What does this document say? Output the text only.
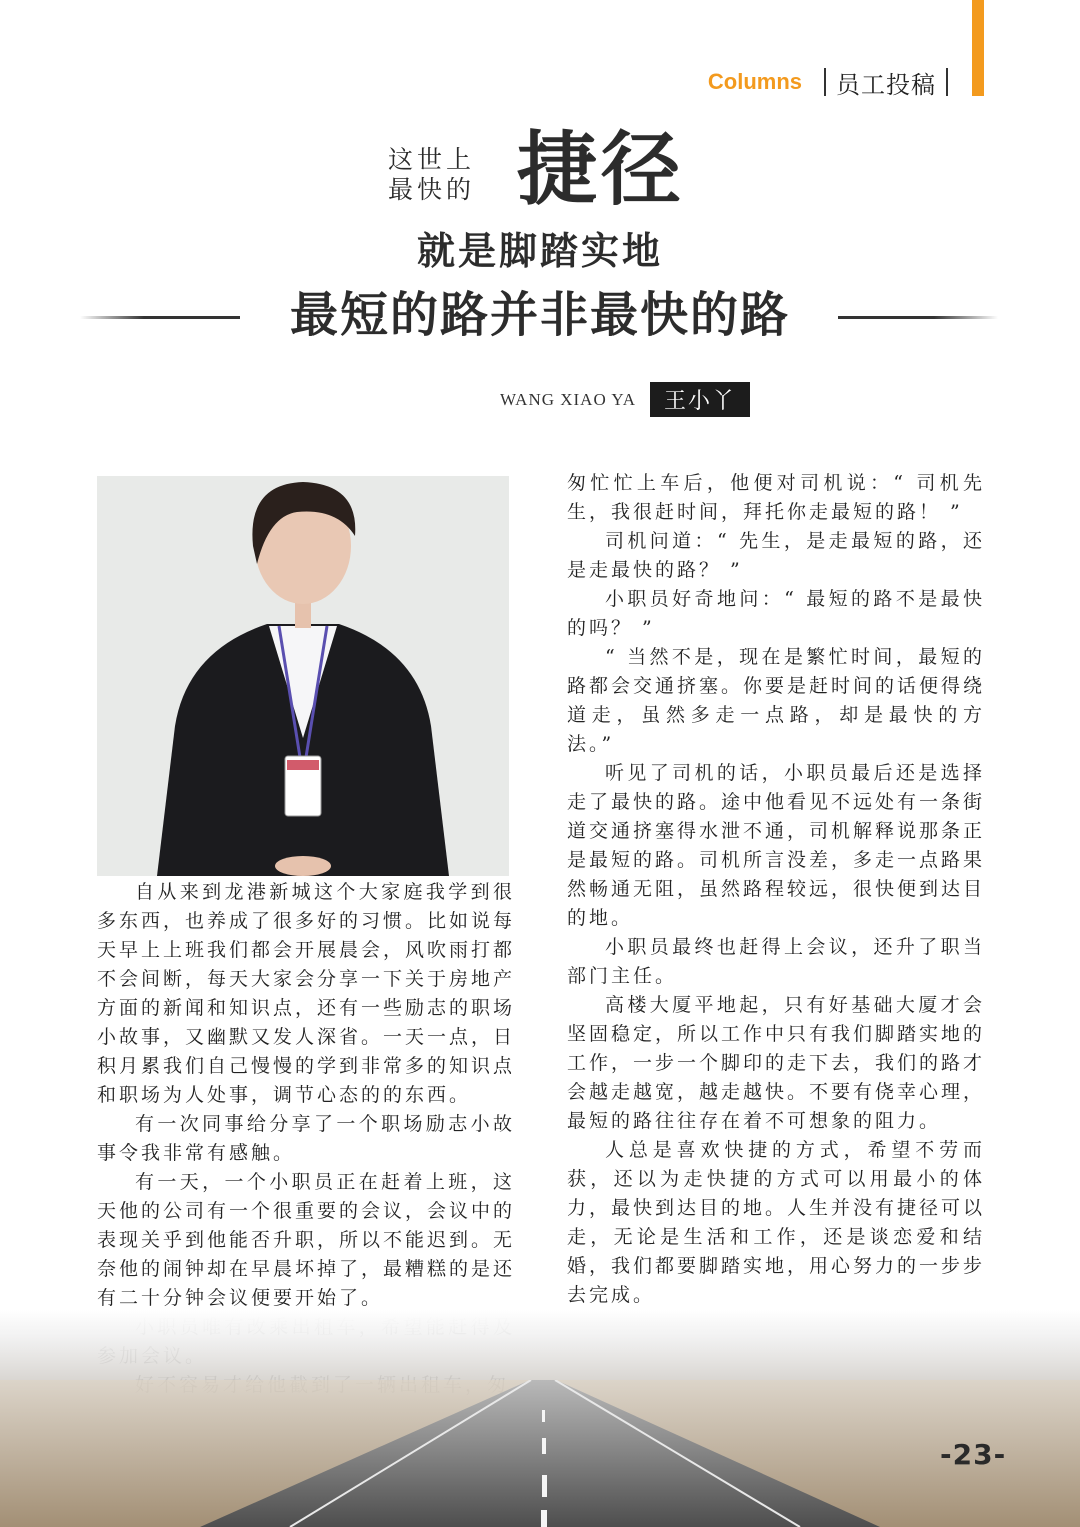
Columns 员工投稿
这世上
最快的 捷径
就是脚踏实地
最短的路并非最快的路
WANG XIAO YA	王小丫

自从来到龙港新城这个大家庭我学到很多东西，也养成了很多好的习惯。比如说每天早上上班我们都会开展晨会，风吹雨打都不会间断，每天大家会分享一下关于房地产方面的新闻和知识点，还有一些励志的职场小故事，又幽默又发人深省。一天一点，日积月累我们自己慢慢的学到非常多的知识点和职场为人处事，调节心态的的东西。

有一次同事给分享了一个职场励志小故事令我非常有感触。

有一天，一个小职员正在赶着上班，这天他的公司有一个很重要的会议，会议中的表现关乎到他能否升职，所以不能迟到。无奈他的闹钟却在早晨坏掉了，最糟糕的是还有二十分钟会议便要开始了。

匆忙忙上车后，他便对司机说：“ 司机先生，我很赶时间，拜托你走最短的路！ ”

司机问道：“ 先生，是走最短的路，还是走最快的路？ ”

小职员好奇地问：“ 最短的路不是最快的吗？ ”

“ 当然不是，现在是繁忙时间，最短的路都会交通挤塞。你要是赶时间的话便得绕道走，虽然多走一点路，却是最快的方法。”

听见了司机的话，小职员最后还是选择走了最快的路。途中他看见不远处有一条街道交通挤塞得水泄不通，司机解释说那条正是最短的路。司机所言没差，多走一点路果然畅通无阻，虽然路程较远，很快便到达目的地。

小职员最终也赶得上会议，还升了职当部门主任。

高楼大厦平地起，只有好基础大厦才会坚固稳定，所以工作中只有我们脚踏实地的工作，一步一个脚印的走下去，我们的路才会越走越宽，越走越快。不要有侥幸心理，最短的路往往存在着不可想象的阻力。

人总是喜欢快捷的方式，希望不劳而获，还以为走快捷的方式可以用最小的体力，最快到达目的地。人生并没有捷径可以走，无论是生活和工作，还是谈恋爱和结婚，我们都要脚踏实地，用心努力的一步步去完成。

-23-
